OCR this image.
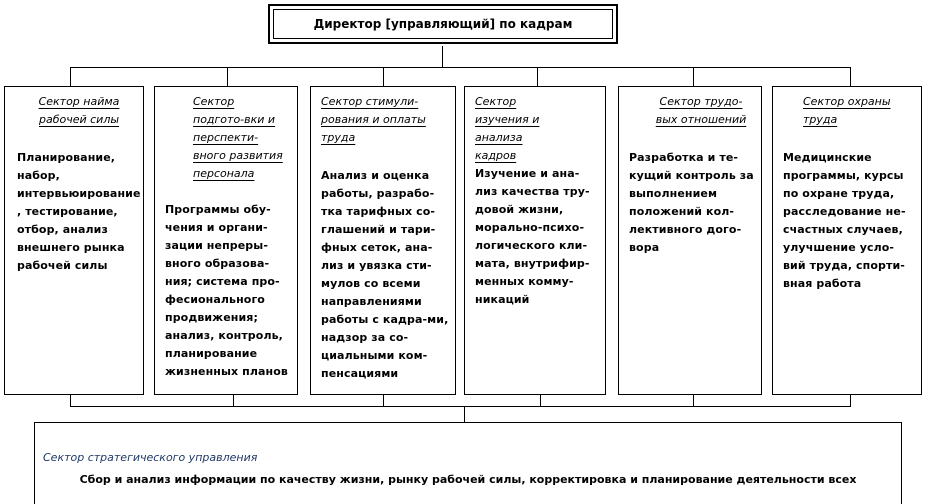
Директор [управляющий] по кадрам
Сектор найма рабочей силы
Планирование, набор, интервьюирование , тестирование, отбор, анализ внешнего рынка рабочей силы
Сектор подгото-вки и перспекти-вного развития персонала
Программы обу-чения и органи-зации непреры-вного образова-ния; система про-фесионального продвижения; анализ, контроль, планирование жизненных планов
Сектор стимули-рования и оплаты труда
Анализ и оценка работы, разрабо-тка тарифных со-глашений и тари-фных сеток, ана-лиз и увязка сти-мулов со всеми направлениями работы с кадра-ми, надзор за со-циальными ком-пенсациями
Сектор изучения и анализа кадров
Изучение и ана-лиз качества тру-довой жизни, морально-психо-логического кли-мата, внутрифир-менных комму-никаций
Сектор трудо-вых отношений
Разработка и те-кущий контроль за выполнением положений кол-лективного дого-вора
Сектор охраны труда
Медицинские программы, курсы по охране труда, расследование не-счастных случаев, улучшение усло-вий труда, спорти-вная работа
Сектор стратегического управления
Сбор и анализ информации по качеству жизни, рынку рабочей силы, корректировка и планирование деятельности всех
